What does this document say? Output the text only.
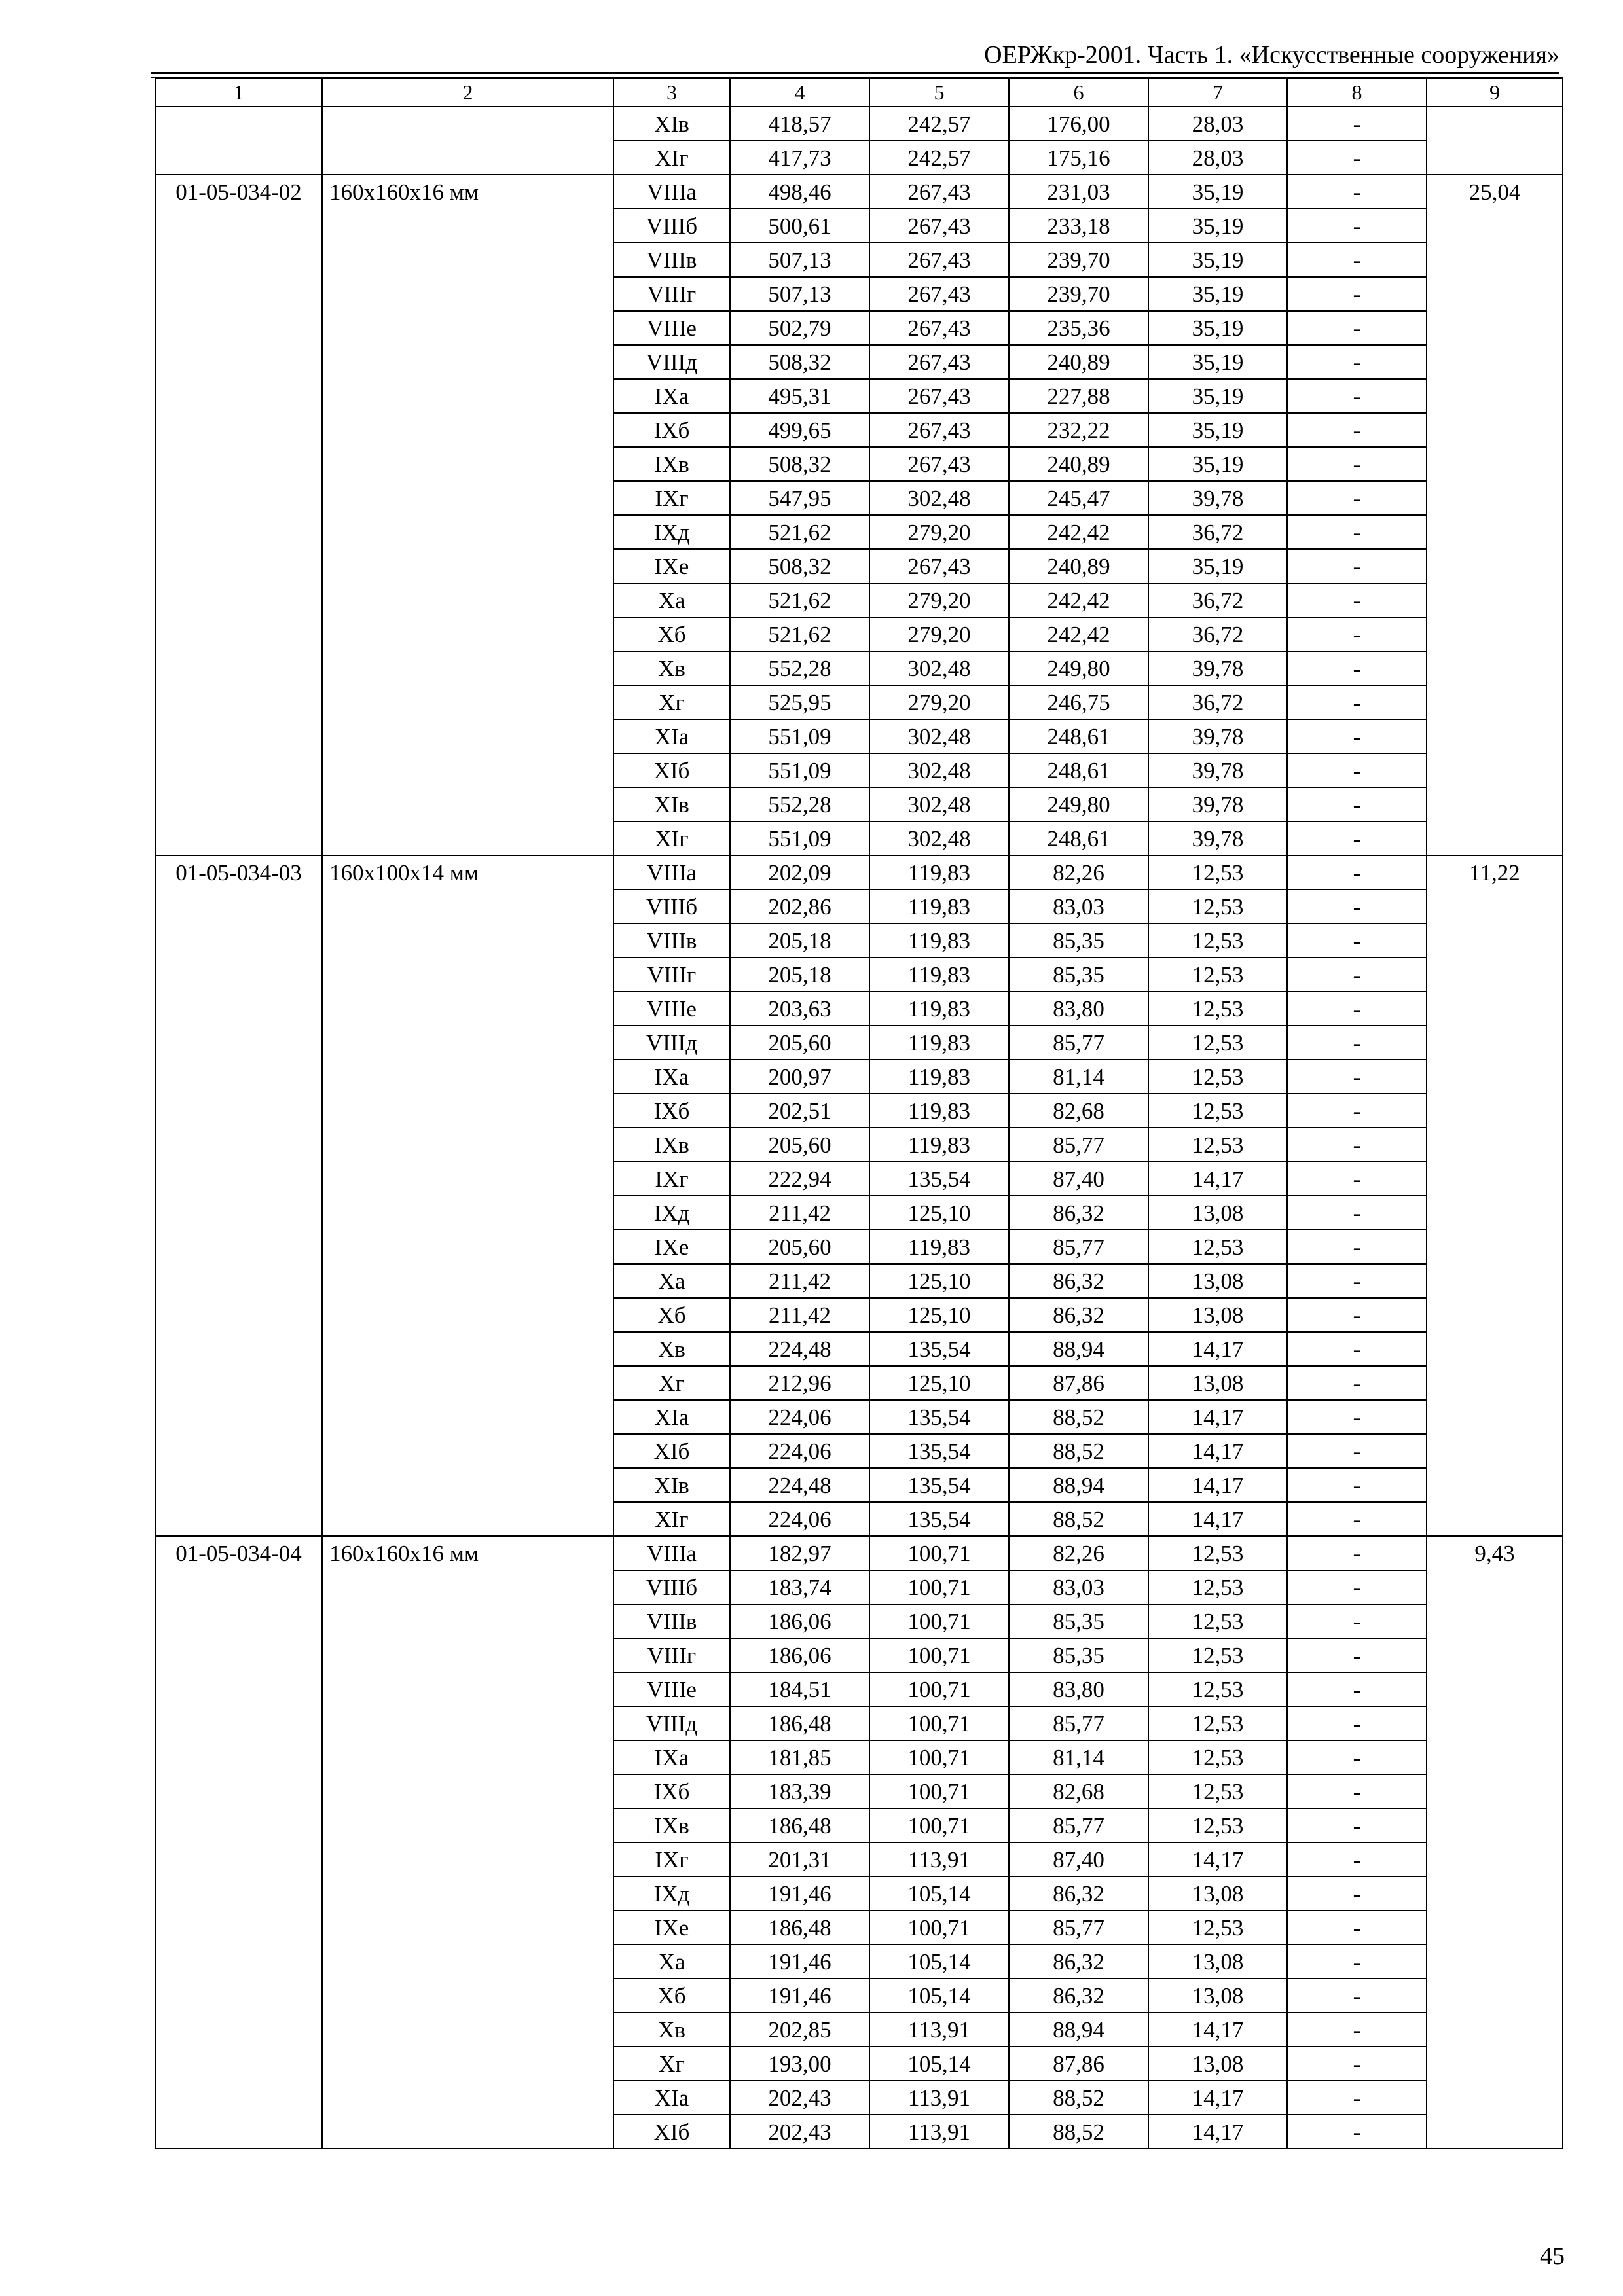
ОЕРЖкр-2001. Часть 1. «Искусственные сооружения»
1	2	3	4	5	6	7	8	9
		XIв	418,57	242,57	176,00	28,03	-	
		XIг	417,73	242,57	175,16	28,03	-	
01-05-034-02	160х160х16 мм	VIIIа	498,46	267,43	231,03	35,19	-	25,04
		VIIIб	500,61	267,43	233,18	35,19	-	
		VIIIв	507,13	267,43	239,70	35,19	-	
		VIIIг	507,13	267,43	239,70	35,19	-	
		VIIIе	502,79	267,43	235,36	35,19	-	
		VIIIд	508,32	267,43	240,89	35,19	-	
		IXа	495,31	267,43	227,88	35,19	-	
		IXб	499,65	267,43	232,22	35,19	-	
		IXв	508,32	267,43	240,89	35,19	-	
		IXг	547,95	302,48	245,47	39,78	-	
		IXд	521,62	279,20	242,42	36,72	-	
		IXе	508,32	267,43	240,89	35,19	-	
		Xа	521,62	279,20	242,42	36,72	-	
		Xб	521,62	279,20	242,42	36,72	-	
		Xв	552,28	302,48	249,80	39,78	-	
		Xг	525,95	279,20	246,75	36,72	-	
		XIа	551,09	302,48	248,61	39,78	-	
		XIб	551,09	302,48	248,61	39,78	-	
		XIв	552,28	302,48	249,80	39,78	-	
		XIг	551,09	302,48	248,61	39,78	-	
01-05-034-03	160х100х14 мм	VIIIа	202,09	119,83	82,26	12,53	-	11,22
		VIIIб	202,86	119,83	83,03	12,53	-	
		VIIIв	205,18	119,83	85,35	12,53	-	
		VIIIг	205,18	119,83	85,35	12,53	-	
		VIIIе	203,63	119,83	83,80	12,53	-	
		VIIIд	205,60	119,83	85,77	12,53	-	
		IXа	200,97	119,83	81,14	12,53	-	
		IXб	202,51	119,83	82,68	12,53	-	
		IXв	205,60	119,83	85,77	12,53	-	
		IXг	222,94	135,54	87,40	14,17	-	
		IXд	211,42	125,10	86,32	13,08	-	
		IXе	205,60	119,83	85,77	12,53	-	
		Xа	211,42	125,10	86,32	13,08	-	
		Xб	211,42	125,10	86,32	13,08	-	
		Xв	224,48	135,54	88,94	14,17	-	
		Xг	212,96	125,10	87,86	13,08	-	
		XIа	224,06	135,54	88,52	14,17	-	
		XIб	224,06	135,54	88,52	14,17	-	
		XIв	224,48	135,54	88,94	14,17	-	
		XIг	224,06	135,54	88,52	14,17	-	
01-05-034-04	160х160х16 мм	VIIIа	182,97	100,71	82,26	12,53	-	9,43
		VIIIб	183,74	100,71	83,03	12,53	-	
		VIIIв	186,06	100,71	85,35	12,53	-	
		VIIIг	186,06	100,71	85,35	12,53	-	
		VIIIе	184,51	100,71	83,80	12,53	-	
		VIIIд	186,48	100,71	85,77	12,53	-	
		IXа	181,85	100,71	81,14	12,53	-	
		IXб	183,39	100,71	82,68	12,53	-	
		IXв	186,48	100,71	85,77	12,53	-	
		IXг	201,31	113,91	87,40	14,17	-	
		IXд	191,46	105,14	86,32	13,08	-	
		IXе	186,48	100,71	85,77	12,53	-	
		Xа	191,46	105,14	86,32	13,08	-	
		Xб	191,46	105,14	86,32	13,08	-	
		Xв	202,85	113,91	88,94	14,17	-	
		Xг	193,00	105,14	87,86	13,08	-	
		XIа	202,43	113,91	88,52	14,17	-	
		XIб	202,43	113,91	88,52	14,17	-	
45
